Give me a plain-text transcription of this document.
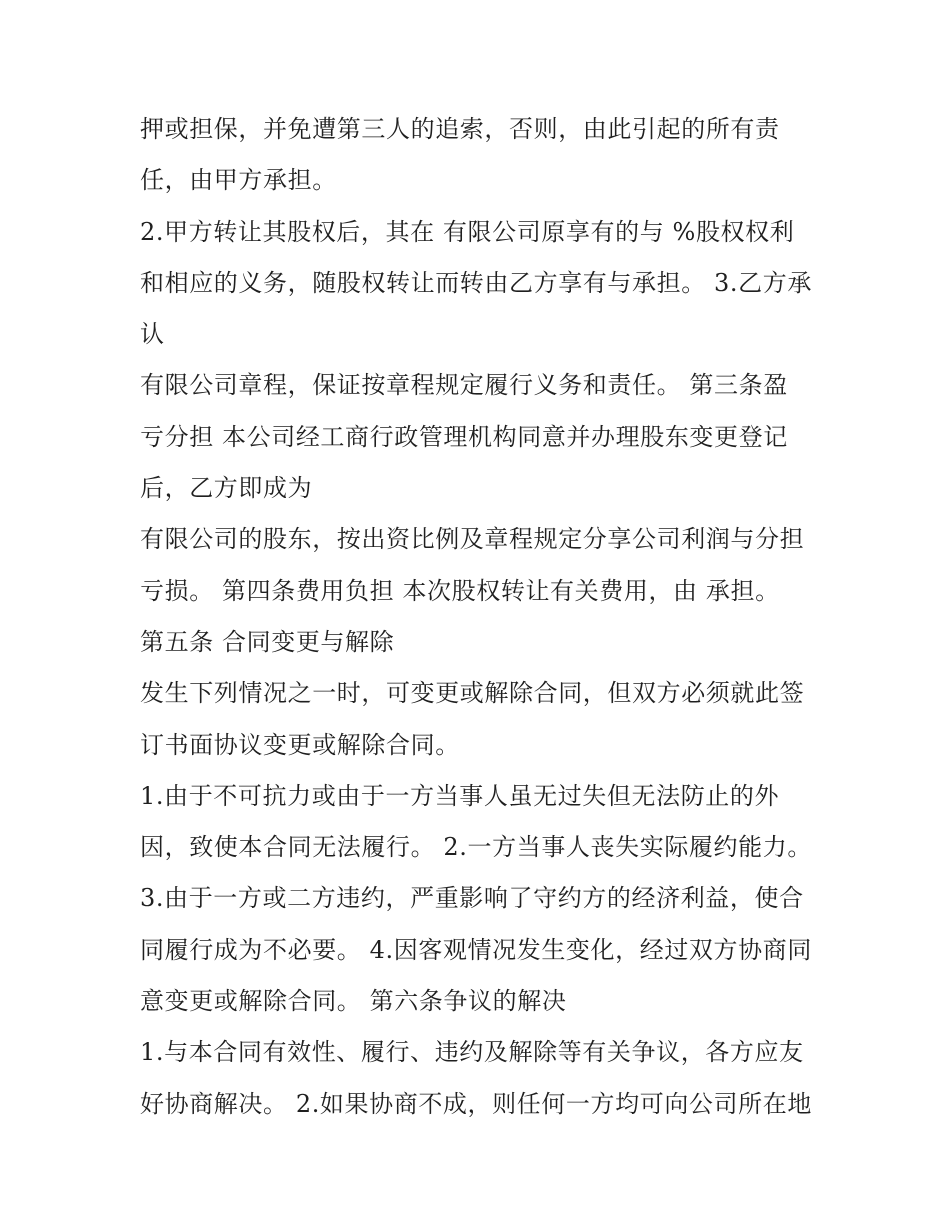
押或担保，并免遭第三人的追索，否则，由此引起的所有责
任，由甲方承担。
2.甲方转让其股权后，其在 有限公司原享有的与 %股权权利
和相应的义务，随股权转让而转由乙方享有与承担。 3.乙方承
认
有限公司章程，保证按章程规定履行义务和责任。 第三条盈
亏分担 本公司经工商行政管理机构同意并办理股东变更登记
后，乙方即成为
有限公司的股东，按出资比例及章程规定分享公司利润与分担
亏损。 第四条费用负担 本次股权转让有关费用，由 承担。
第五条 合同变更与解除
发生下列情况之一时，可变更或解除合同，但双方必须就此签
订书面协议变更或解除合同。
1.由于不可抗力或由于一方当事人虽无过失但无法防止的外
因，致使本合同无法履行。 2.一方当事人丧失实际履约能力。
3.由于一方或二方违约，严重影响了守约方的经济利益，使合
同履行成为不必要。 4.因客观情况发生变化，经过双方协商同
意变更或解除合同。 第六条争议的解决
1.与本合同有效性、履行、违约及解除等有关争议，各方应友
好协商解决。 2.如果协商不成，则任何一方均可向公司所在地
